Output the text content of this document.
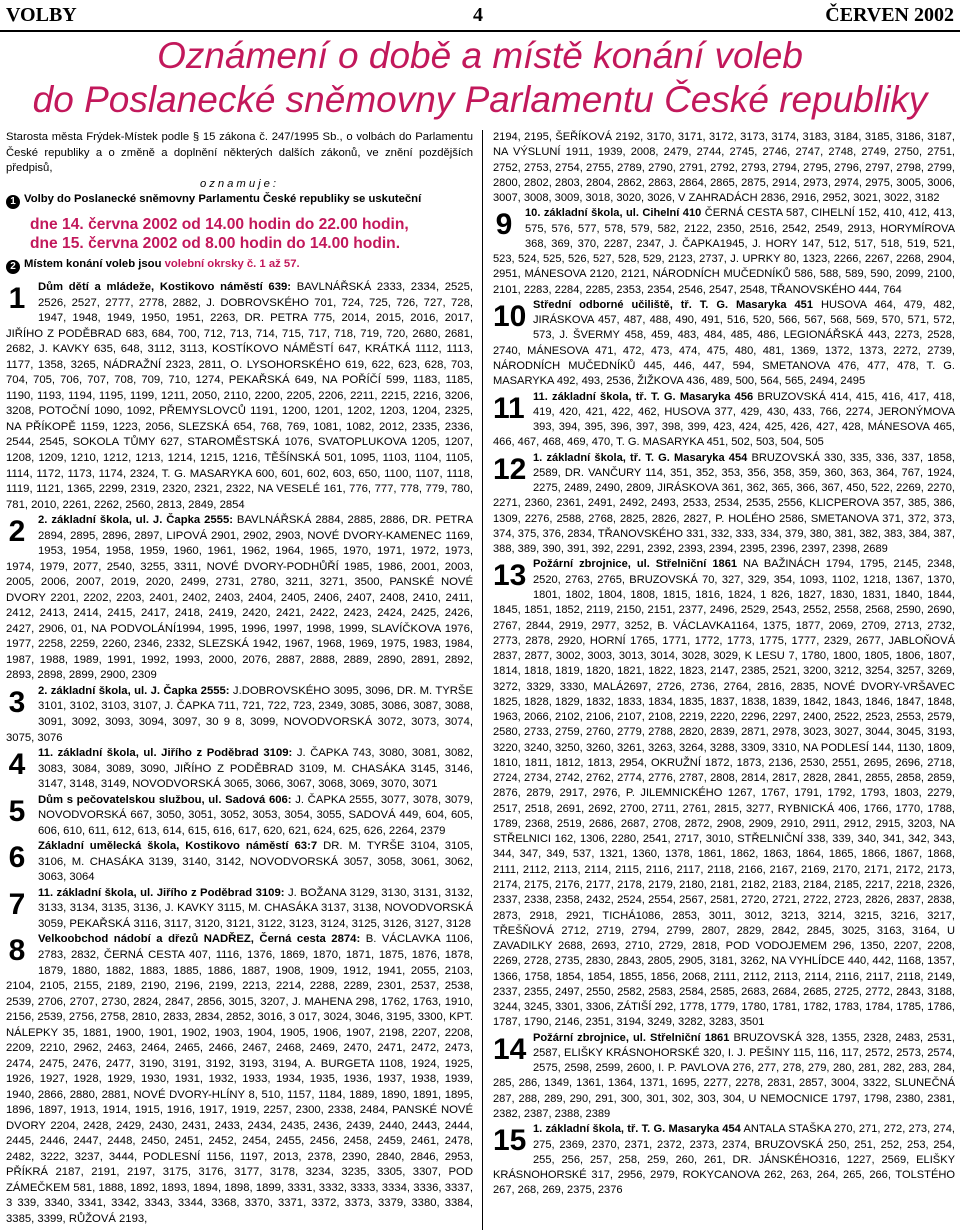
VOLBY	4	ČERVEN 2002
Oznámení o době a místě konání voleb
do Poslanecké sněmovny Parlamentu České republiky

Starosta města Frýdek-Místek podle § 15 zákona č. 247/1995 Sb., o volbách do Parlamentu České republiky a o změně a doplnění některých dalších zákonů, ve znění pozdějších předpisů,

oznamuje:

1 Volby do Poslanecké sněmovny Parlamentu České republiky se uskuteční

dne 14. června 2002 od 14.00 hodin do 22.00 hodin,
dne 15. června 2002 od 8.00 hodin do 14.00 hodin.

2 Místem konání voleb jsou volební okrsky č. 1 až 57.

1 Dům dětí a mládeže, Kostikovo náměstí 639: BAVLNÁŘSKÁ 2333, 2334, 2525, 2526, 2527, 2777, 2778, 2882, J. DOBROVSKÉHO 701, 724, 725, 726, 727, 728, 1947, 1948, 1949, 1950, 1951, 2263, DR. PETRA 775, 2014, 2015, 2016, 2017, JIŘÍHO Z PODĚBRAD 683, 684, 700, 712, 713, 714, 715, 717, 718, 719, 720, 2680, 2681, 2682, J. KAVKY 635, 648, 3112, 3113, KOSTÍKOVO NÁMĚSTÍ 647, KRÁTKÁ 1112, 1113, 1177, 1358, 3265, NÁDRAŽNÍ 2323, 2811, O. LYSOHORSKÉHO 619, 622, 623, 628, 703, 704, 705, 706, 707, 708, 709, 710, 1274, PEKAŘSKÁ 649, NA POŘÍČÍ 599, 1183, 1185, 1190, 1193, 1194, 1195, 1199, 1211, 2050, 2110, 2200, 2205, 2206, 2211, 2215, 2216, 3206, 3208, POTOČNÍ 1090, 1092, PŘEMYSLOVCŮ 1191, 1200, 1201, 1202, 1203, 1204, 2325, NA PŘÍKOPĚ 1159, 1223, 2056, SLEZSKÁ 654, 768, 769, 1081, 1082, 2012, 2335, 2336, 2544, 2545, SOKOLA TŮMY 627, STAROMĚSTSKÁ 1076, SVATOPLUKOVA 1205, 1207, 1208, 1209, 1210, 1212, 1213, 1214, 1215, 1216, TĚŠÍNSKÁ 501, 1095, 1103, 1104, 1105, 1114, 1172, 1173, 1174, 2324, T. G. MASARYKA 600, 601, 602, 603, 650, 1100, 1107, 1118, 1119, 1121, 1365, 2299, 2319, 2320, 2321, 2322, NA VESELÉ 161, 776, 777, 778, 779, 780, 781, 2010, 2261, 2262, 2560, 2813, 2849, 2854
2 2. základní škola, ul. J. Čapka 2555: BAVLNÁŘSKÁ 2884, 2885, 2886, DR. PETRA 2894, 2895, 2896, 2897, LIPOVÁ 2901, 2902, 2903, NOVÉ DVORY-KAMENEC 1169, 1953, 1954, 1958, 1959, 1960, 1961, 1962, 1964, 1965, 1970, 1971, 1972, 1973, 1974, 1979, 2077, 2540, 3255, 3311, NOVÉ DVORY-PODHŮŘÍ 1985, 1986, 2001, 2003, 2005, 2006, 2007, 2019, 2020, 2499, 2731, 2780, 3211, 3271, 3500, PANSKÉ NOVÉ DVORY 2201, 2202, 2203, 2401, 2402, 2403, 2404, 2405, 2406, 2407, 2408, 2410, 2411, 2412, 2413, 2414, 2415, 2417, 2418, 2419, 2420, 2421, 2422, 2423, 2424, 2425, 2426, 2427, 2906, 01, NA PODVOLÁNÍ1994, 1995, 1996, 1997, 1998, 1999, SLAVÍČKOVA 1976, 1977, 2258, 2259, 2260, 2346, 2332, SLEZSKÁ 1942, 1967, 1968, 1969, 1975, 1983, 1984, 1987, 1988, 1989, 1991, 1992, 1993, 2000, 2076, 2887, 2888, 2889, 2890, 2891, 2892, 2893, 2898, 2899, 2900, 2309
3 2. základní škola, ul. J. Čapka 2555: J.DOBROVSKÉHO 3095, 3096, DR. M. TYRŠE 3101, 3102, 3103, 3107, J. ČAPKA 711, 721, 722, 723, 2349, 3085, 3086, 3087, 3088, 3091, 3092, 3093, 3094, 3097, 30 9 8, 3099, NOVODVORSKÁ 3072, 3073, 3074, 3075, 3076
4 11. základní škola, ul. Jiřího z Poděbrad 3109: J. ČAPKA 743, 3080, 3081, 3082, 3083, 3084, 3089, 3090, JIŘÍHO Z PODĚBRAD 3109, M. CHASÁKA 3145, 3146, 3147, 3148, 3149, NOVODVORSKÁ 3065, 3066, 3067, 3068, 3069, 3070, 3071
5 Dům s pečovatelskou službou, ul. Sadová 606: J. ČAPKA 2555, 3077, 3078, 3079, NOVODVORSKÁ 667, 3050, 3051, 3052, 3053, 3054, 3055, SADOVÁ 449, 604, 605, 606, 610, 611, 612, 613, 614, 615, 616, 617, 620, 621, 624, 625, 626, 2264, 2379
6 Základní umělecká škola, Kostikovo náměstí 63:7 DR. M. TYRŠE 3104, 3105, 3106, M. CHASÁKA 3139, 3140, 3142, NOVODVORSKÁ 3057, 3058, 3061, 3062, 3063, 3064
7 11. základní škola, ul. Jiřího z Poděbrad 3109: J. BOŽANA 3129, 3130, 3131, 3132, 3133, 3134, 3135, 3136, J. KAVKY 3115, M. CHASÁKA 3137, 3138, NOVODVORSKÁ 3059, PEKAŘSKÁ 3116, 3117, 3120, 3121, 3122, 3123, 3124, 3125, 3126, 3127, 3128
8 Velkoobchod nádobí a dřezů NADŘEZ, Černá cesta 2874: B. VÁCLAVKA 1106, 2783, 2832, ČERNÁ CESTA 407, 1116, 1376, 1869, 1870, 1871, 1875, 1876, 1878, 1879, 1880, 1882, 1883, 1885, 1886, 1887, 1908, 1909, 1912, 1941, 2055, 2103, 2104, 2105, 2155, 2189, 2190, 2196, 2199, 2213, 2214, 2288, 2289, 2301, 2537, 2538, 2539, 2706, 2707, 2730, 2824, 2847, 2856, 3015, 3207, J. MAHENA 298, 1762, 1763, 1910, 2156, 2539, 2756, 2758, 2810, 2833, 2834, 2852, 3016, 3 017, 3024, 3046, 3195, 3300, KPT. NÁLEPKY 35, 1881, 1900, 1901, 1902, 1903, 1904, 1905, 1906, 1907, 2198, 2207, 2208, 2209, 2210, 2962, 2463, 2464, 2465, 2466, 2467, 2468, 2469, 2470, 2471, 2472, 2473, 2474, 2475, 2476, 2477, 3190, 3191, 3192, 3193, 3194, A. BURGETA 1108, 1924, 1925, 1926, 1927, 1928, 1929, 1930, 1931, 1932, 1933, 1934, 1935, 1936, 1937, 1938, 1939, 1940, 2866, 2880, 2881, NOVÉ DVORY-HLÍNY 8, 510, 1157, 1184, 1889, 1890, 1891, 1895, 1896, 1897, 1913, 1914, 1915, 1916, 1917, 1919, 2257, 2300, 2338, 2484, PANSKÉ NOVÉ DVORY 2204, 2428, 2429, 2430, 2431, 2433, 2434, 2435, 2436, 2439, 2440, 2443, 2444, 2445, 2446, 2447, 2448, 2450, 2451, 2452, 2454, 2455, 2456, 2458, 2459, 2461, 2478, 2482, 3222, 3237, 3444, PODLESNÍ 1156, 1197, 2013, 2378, 2390, 2840, 2846, 2953, PŘÍKRÁ 2187, 2191, 2197, 3175, 3176, 3177, 3178, 3234, 3235, 3305, 3307, POD ZÁMEČKEM 581, 1888, 1892, 1893, 1894, 1898, 1899, 3331, 3332, 3333, 3334, 3336, 3337, 3 339, 3340, 3341, 3342, 3343, 3344, 3368, 3370, 3371, 3372, 3373, 3379, 3380, 3384, 3385, 3399, RŮŽOVÁ 2193,

2194, 2195, ŠEŘÍKOVÁ 2192, 3170, 3171, 3172, 3173, 3174, 3183, 3184, 3185, 3186, 3187, NA VÝSLUNÍ 1911, 1939, 2008, 2479, 2744, 2745, 2746, 2747, 2748, 2749, 2750, 2751, 2752, 2753, 2754, 2755, 2789, 2790, 2791, 2792, 2793, 2794, 2795, 2796, 2797, 2798, 2799, 2800, 2802, 2803, 2804, 2862, 2863, 2864, 2865, 2875, 2914, 2973, 2974, 2975, 3005, 3006, 3007, 3008, 3009, 3018, 3020, 3026, V ZAHRADÁCH 2836, 2916, 2952, 3021, 3022, 3182

9 10. základní škola, ul. Cihelní 410 ČERNÁ CESTA 587, CIHELNÍ 152, 410, 412, 413, 575, 576, 577, 578, 579, 582, 2122, 2350, 2516, 2542, 2549, 2913, HORYMÍROVA 368, 369, 370, 2287, 2347, J. ČAPKA1945, J. HORY 147, 512, 517, 518, 519, 521, 523, 524, 525, 526, 527, 528, 529, 2123, 2737, J. UPRKY 80, 1323, 2266, 2267, 2268, 2904, 2951, MÁNESOVA 2120, 2121, NÁRODNÍCH MUČEDNÍKŮ 586, 588, 589, 590, 2099, 2100, 2101, 2283, 2284, 2285, 2353, 2354, 2546, 2547, 2548, TŘANOVSKÉHO 444, 764
10 Střední odborné učiliště, tř. T. G. Masaryka 451 HUSOVA 464, 479, 482, JIRÁSKOVA 457, 487, 488, 490, 491, 516, 520, 566, 567, 568, 569, 570, 571, 572, 573, J. ŠVERMY 458, 459, 483, 484, 485, 486, LEGIONÁŘSKÁ 443, 2273, 2528, 2740, MÁNESOVA 471, 472, 473, 474, 475, 480, 481, 1369, 1372, 1373, 2272, 2739, NÁRODNÍCH MUČEDNÍKŮ 445, 446, 447, 594, SMETANOVA 476, 477, 478, T. G. MASARYKA 492, 493, 2536, ŽIŽKOVA 436, 489, 500, 564, 565, 2494, 2495
11 11. základní škola, tř. T. G. Masaryka 456 BRUZOVSKÁ 414, 415, 416, 417, 418, 419, 420, 421, 422, 462, HUSOVA 377, 429, 430, 433, 766, 2274, JERONÝMOVA 393, 394, 395, 396, 397, 398, 399, 423, 424, 425, 426, 427, 428, MÁNESOVA 465, 466, 467, 468, 469, 470, T. G. MASARYKA 451, 502, 503, 504, 505
12 1. základní škola, tř. T. G. Masaryka 454 BRUZOVSKÁ 330, 335, 336, 337, 1858, 2589, DR. VANČURY 114, 351, 352, 353, 356, 358, 359, 360, 363, 364, 767, 1924, 2275, 2489, 2490, 2809, JIRÁSKOVA 361, 362, 365, 366, 367, 450, 522, 2269, 2270, 2271, 2360, 2361, 2491, 2492, 2493, 2533, 2534, 2535, 2556, KLICPEROVA 357, 385, 386, 1309, 2276, 2588, 2768, 2825, 2826, 2827, P. HOLÉHO 2586, SMETANOVA 371, 372, 373, 374, 375, 376, 2834, TŘANOVSKÉHO 331, 332, 333, 334, 379, 380, 381, 382, 383, 384, 387, 388, 389, 390, 391, 392, 2291, 2392, 2393, 2394, 2395, 2396, 2397, 2398, 2689
13 Požární zbrojnice, ul. Střelniční 1861 NA BAŽINÁCH 1794, 1795, 2145, 2348, 2520, 2763, 2765, BRUZOVSKÁ 70, 327, 329, 354, 1093, 1102, 1218, 1367, 1370, 1801, 1802, 1804, 1808, 1815, 1816, 1824, 1 826, 1827, 1830, 1831, 1840, 1844, 1845, 1851, 1852, 2119, 2150, 2151, 2377, 2496, 2529, 2543, 2552, 2558, 2568, 2590, 2690, 2767, 2844, 2919, 2977, 3252, B. VÁCLAVKA1164, 1375, 1877, 2069, 2709, 2713, 2732, 2773, 2878, 2920, HORNÍ 1765, 1771, 1772, 1773, 1775, 1777, 2329, 2677, JABLOŇOVÁ 2837, 2877, 3002, 3003, 3013, 3014, 3028, 3029, K LESU 7, 1780, 1800, 1805, 1806, 1807, 1814, 1818, 1819, 1820, 1821, 1822, 1823, 2147, 2385, 2521, 3200, 3212, 3254, 3257, 3269, 3272, 3329, 3330, MALÁ2697, 2726, 2736, 2764, 2816, 2835, NOVÉ DVORY-VRŠAVEC 1825, 1828, 1829, 1832, 1833, 1834, 1835, 1837, 1838, 1839, 1842, 1843, 1846, 1847, 1848, 1963, 2066, 2102, 2106, 2107, 2108, 2219, 2220, 2296, 2297, 2400, 2522, 2523, 2553, 2579, 2580, 2733, 2759, 2760, 2779, 2788, 2820, 2839, 2871, 2978, 3023, 3027, 3044, 3045, 3193, 3220, 3240, 3250, 3260, 3261, 3263, 3264, 3288, 3309, 3310, NA PODLESÍ 144, 1130, 1809, 1810, 1811, 1812, 1813, 2954, OKRUŽNÍ 1872, 1873, 2136, 2530, 2551, 2695, 2696, 2718, 2724, 2734, 2742, 2762, 2774, 2776, 2787, 2808, 2814, 2817, 2828, 2841, 2855, 2858, 2859, 2876, 2879, 2917, 2976, P. JILEMNICKÉHO 1267, 1767, 1791, 1792, 1793, 1803, 2279, 2517, 2518, 2691, 2692, 2700, 2711, 2761, 2815, 3277, RYBNICKÁ 406, 1766, 1770, 1788, 1789, 2368, 2519, 2686, 2687, 2708, 2872, 2908, 2909, 2910, 2911, 2912, 2915, 3203, NA STŘELNICI 162, 1306, 2280, 2541, 2717, 3010, STŘELNIČNÍ 338, 339, 340, 341, 342, 343, 344, 347, 349, 537, 1321, 1360, 1378, 1861, 1862, 1863, 1864, 1865, 1866, 1867, 1868, 2111, 2112, 2113, 2114, 2115, 2116, 2117, 2118, 2166, 2167, 2169, 2170, 2171, 2172, 2173, 2174, 2175, 2176, 2177, 2178, 2179, 2180, 2181, 2182, 2183, 2184, 2185, 2217, 2218, 2326, 2337, 2338, 2358, 2432, 2524, 2554, 2567, 2581, 2720, 2721, 2722, 2723, 2826, 2837, 2838, 2873, 2918, 2921, TICHÁ1086, 2853, 3011, 3012, 3213, 3214, 3215, 3216, 3217, TŘEŠŇOVÁ 2712, 2719, 2794, 2799, 2807, 2829, 2842, 2845, 3025, 3163, 3164, U ZAVADILKY 2688, 2693, 2710, 2729, 2818, POD VODOJEMEM 296, 1350, 2207, 2208, 2269, 2728, 2735, 2830, 2843, 2805, 2905, 3181, 3262, NA VYHLÍDCE 440, 442, 1168, 1357, 1366, 1758, 1854, 1854, 1855, 1856, 2068, 2111, 2112, 2113, 2114, 2116, 2117, 2118, 2149, 2337, 2355, 2497, 2550, 2582, 2583, 2584, 2585, 2683, 2684, 2685, 2725, 2772, 2843, 3188, 3244, 3245, 3301, 3306, ZÁTIŠÍ 292, 1778, 1779, 1780, 1781, 1782, 1783, 1784, 1785, 1786, 1787, 1790, 2146, 2351, 3194, 3249, 3282, 3283, 3501
14 Požární zbrojnice, ul. Střelniční 1861 BRUZOVSKÁ 328, 1355, 2328, 2483, 2531, 2587, ELIŠKY KRÁSNOHORSKÉ 320, I. J. PEŠINY 115, 116, 117, 2572, 2573, 2574, 2575, 2598, 2599, 2600, I. P. PAVLOVA 276, 277, 278, 279, 280, 281, 282, 283, 284, 285, 286, 1349, 1361, 1364, 1371, 1695, 2277, 2278, 2831, 2857, 3004, 3322, SLUNEČNÁ 287, 288, 289, 290, 291, 300, 301, 302, 303, 304, U NEMOCNICE 1797, 1798, 2380, 2381, 2382, 2387, 2388, 2389
15 1. základní škola, tř. T. G. Masaryka 454 ANTALA STAŠKA 270, 271, 272, 273, 274, 275, 2369, 2370, 2371, 2372, 2373, 2374, BRUZOVSKÁ 250, 251, 252, 253, 254, 255, 256, 257, 258, 259, 260, 261, DR. JÁNSKÉHO316, 1227, 2569, ELIŠKY KRÁSNOHORSKÉ 317, 2956, 2979, ROKYCANOVA 262, 263, 264, 265, 266, TOLSTÉHO 267, 268, 269, 2375, 2376
